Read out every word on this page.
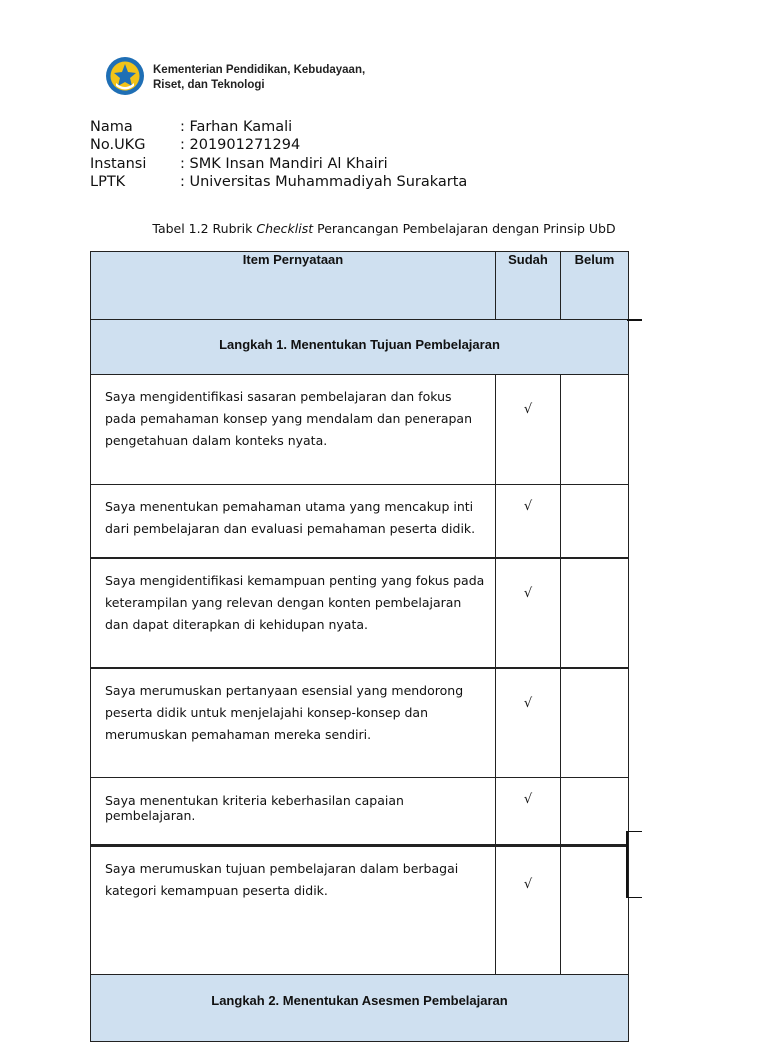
Kementerian Pendidikan, Kebudayaan,
Riset, dan Teknologi
Nama	: Farhan Kamali
No.UKG	: 201901271294
Instansi	: SMK Insan Mandiri Al Khairi
LPTK	: Universitas Muhammadiyah Surakarta
Tabel 1.2 Rubrik Checklist Perancangan Pembelajaran dengan Prinsip UbD
Item Pernyataan	Sudah	Belum

Langkah 1. Menentukan Tujuan Pembelajaran		

Saya mengidentifikasi sasaran pembelajaran dan fokus pada pemahaman konsep yang mendalam dan penerapan pengetahuan dalam konteks nyata.	√	
Saya menentukan pemahaman utama yang mencakup inti dari pembelajaran dan evaluasi pemahaman peserta didik.	√	
Saya mengidentifikasi kemampuan penting yang fokus pada keterampilan yang relevan dengan konten pembelajaran dan dapat diterapkan di kehidupan nyata.	√	
Saya merumuskan pertanyaan esensial yang mendorong peserta didik untuk menjelajahi konsep-konsep dan merumuskan pemahaman mereka sendiri.	√	
Saya menentukan kriteria keberhasilan capaian pembelajaran.	√	
Saya merumuskan tujuan pembelajaran dalam berbagai kategori kemampuan peserta didik.	√	

Langkah 2. Menentukan Asesmen Pembelajaran		
